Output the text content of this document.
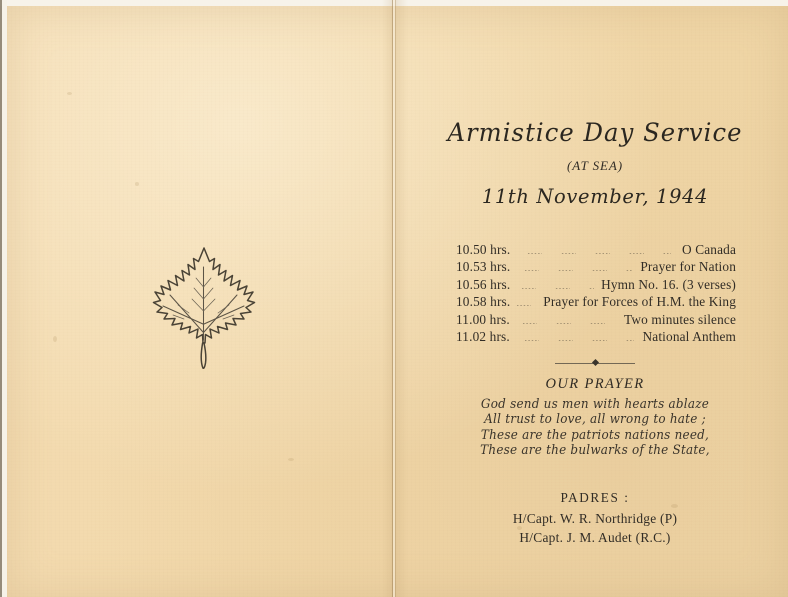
Armistice Day Service
(AT SEA)
11th November, 1944
10.50 hrs.	O Canada
10.53 hrs.	Prayer for Nation
10.56 hrs.	Hymn No. 16. (3 verses)
10.58 hrs. Prayer for Forces of H.M. the King
11.00 hrs.	Two minutes silence
11.02 hrs.	National Anthem
OUR PRAYER
God send us men with hearts ablaze
All trust to love, all wrong to hate ;
These are the patriots nations need,
These are the bulwarks of the State,
PADRES :
H/Capt. W. R. Northridge (P)
H/Capt. J. M. Audet (R.C.)
